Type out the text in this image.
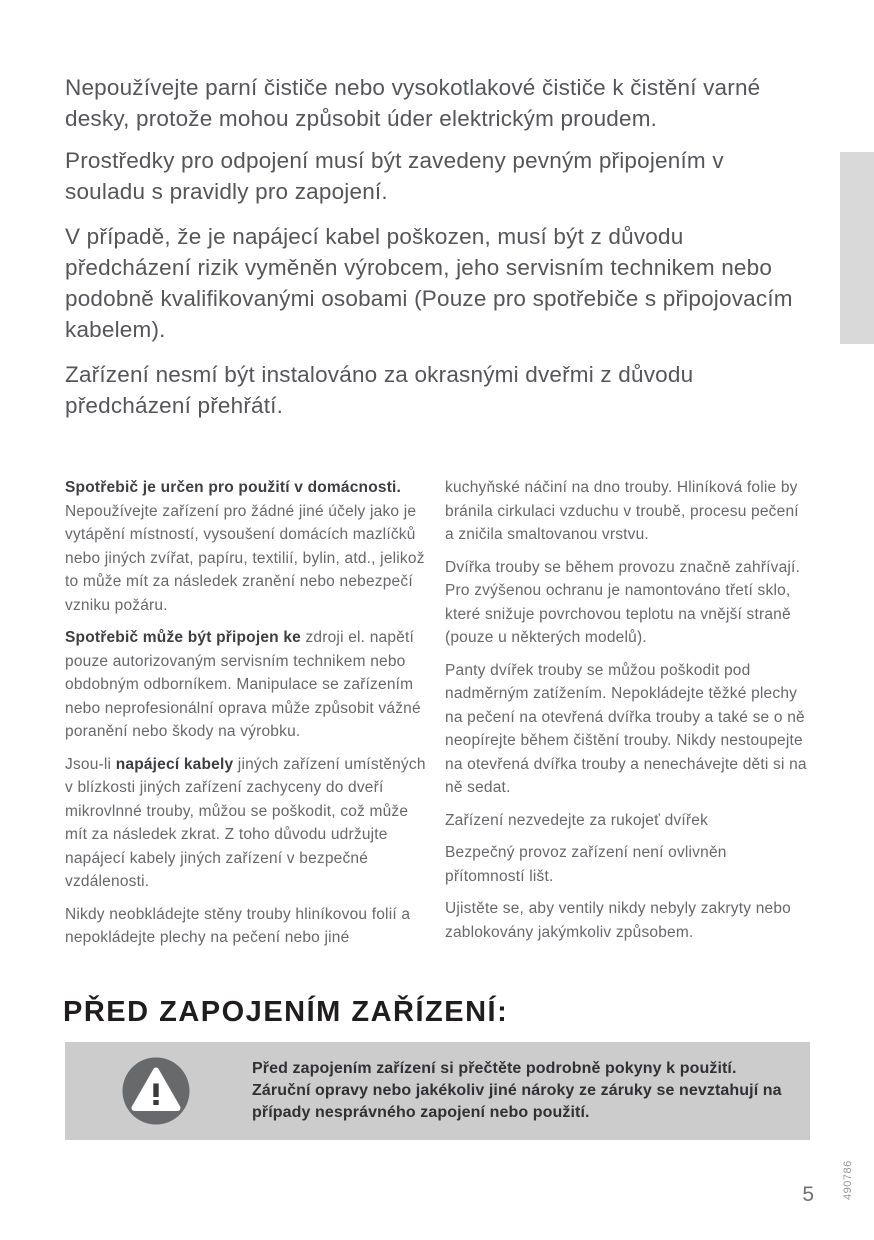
Nepoužívejte parní čističe nebo vysokotlakové čističe k čistění varné desky, protože mohou způsobit úder elektrickým proudem.

Prostředky pro odpojení musí být zavedeny pevným připojením v souladu s pravidly pro zapojení.

V případě, že je napájecí kabel poškozen, musí být z důvodu předcházení rizik vyměněn výrobcem, jeho servisním technikem nebo podobně kvalifikovanými osobami (Pouze pro spotřebiče s připojovacím kabelem).

Zařízení nesmí být instalováno za okrasnými dveřmi z důvodu předcházení přehřátí.

Spotřebič je určen pro použití v domácnosti. Nepoužívejte zařízení pro žádné jiné účely jako je vytápění místností, vysoušení domácích mazlíčků nebo jiných zvířat, papíru, textilií, bylin, atd., jelikož to může mít za následek zranění nebo nebezpečí vzniku požáru.

Spotřebič může být připojen ke zdroji el. napětí pouze autorizovaným servisním technikem nebo obdobným odborníkem. Manipulace se zařízením nebo neprofesionální oprava může způsobit vážné poranění nebo škody na výrobku.

Jsou-li napájecí kabely jiných zařízení umístěných v blízkosti jiných zařízení zachyceny do dveří mikrovlnné trouby, můžou se poškodit, což může mít za následek zkrat. Z toho důvodu udržujte napájecí kabely jiných zařízení v bezpečné vzdálenosti.

Nikdy neobkládejte stěny trouby hliníkovou folií a nepokládejte plechy na pečení nebo jiné

kuchyňské náčiní na dno trouby. Hliníková folie by bránila cirkulaci vzduchu v troubě, procesu pečení a zničila smaltovanou vrstvu.

Dvířka trouby se během provozu značně zahřívají. Pro zvýšenou ochranu je namontováno třetí sklo, které snižuje povrchovou teplotu na vnější straně (pouze u některých modelů).

Panty dvířek trouby se můžou poškodit pod nadměrným zatížením. Nepokládejte těžké plechy na pečení na otevřená dvířka trouby a také se o ně neopírejte během čištění trouby. Nikdy nestoupejte na otevřená dvířka trouby a nenechávejte děti si na ně sedat.

Zařízení nezvedejte za rukojeť dvířek

Bezpečný provoz zařízení není ovlivněn přítomností lišt.

Ujistěte se, aby ventily nikdy nebyly zakryty nebo zablokovány jakýmkoliv způsobem.

PŘED ZAPOJENÍM ZAŘÍZENÍ:
Před zapojením zařízení si přečtěte podrobně pokyny k použití. Záruční opravy nebo jakékoliv jiné nároky ze záruky se nevztahují na případy nesprávného zapojení nebo použití.
490786
5
